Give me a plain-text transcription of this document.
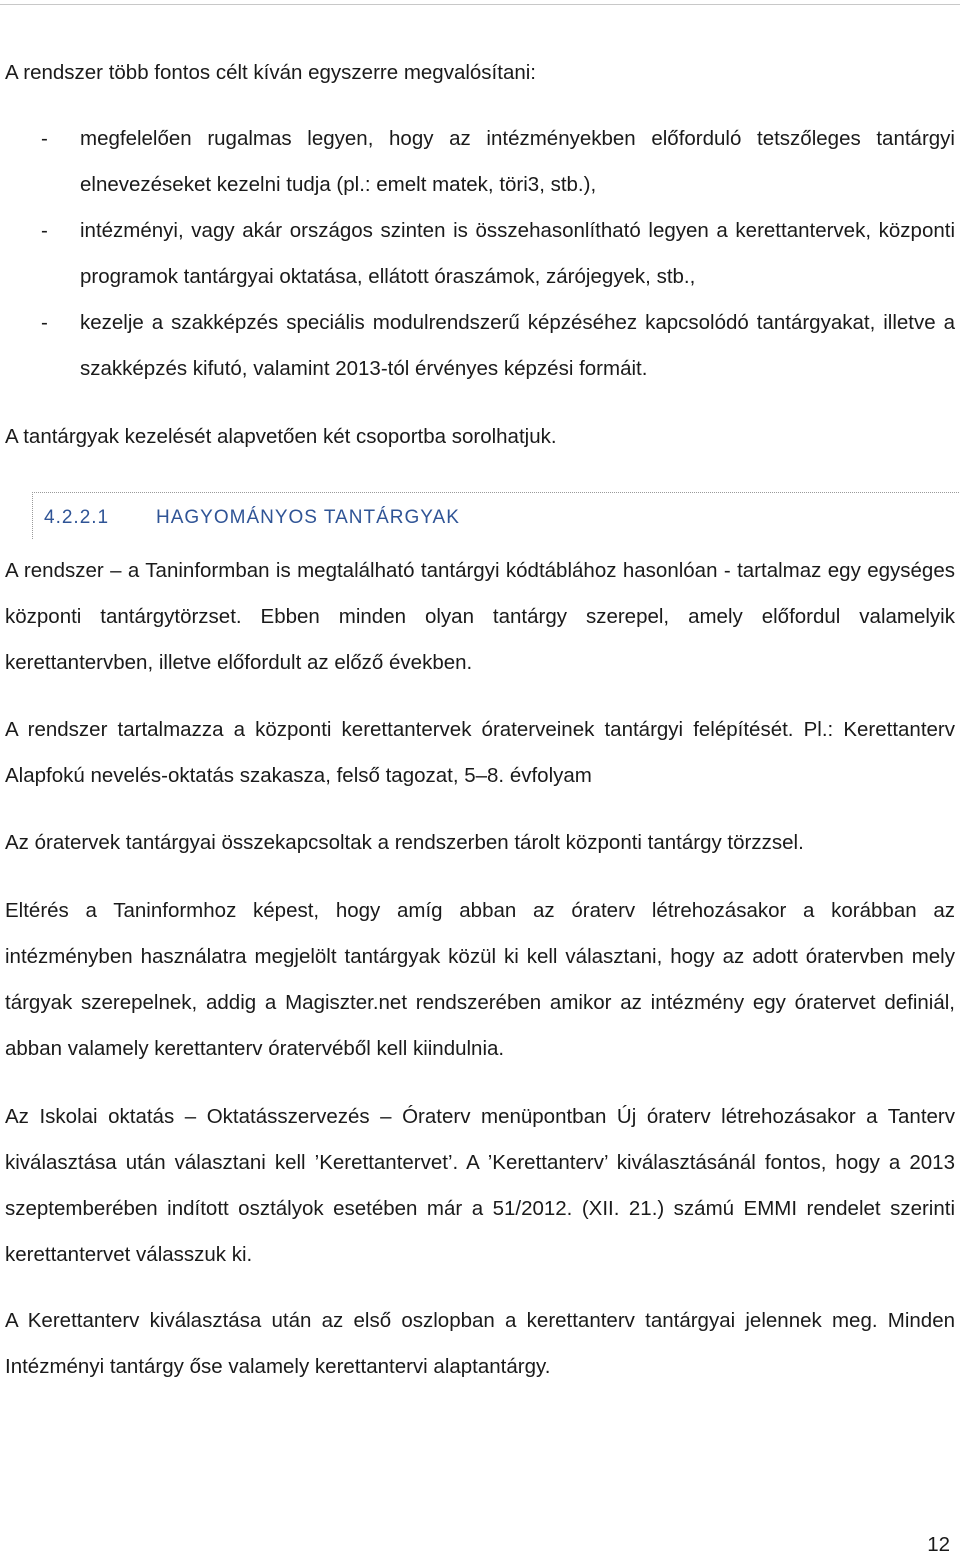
A rendszer több fontos célt kíván egyszerre megvalósítani:

- megfelelően rugalmas legyen, hogy az intézményekben előforduló tetszőleges tantárgyi elnevezéseket kezelni tudja (pl.: emelt matek, töri3, stb.),
- intézményi, vagy akár országos szinten is összehasonlítható legyen a kerettantervek, központi programok tantárgyai oktatása, ellátott óraszámok, zárójegyek, stb.,
- kezelje a szakképzés speciális modulrendszerű képzéséhez kapcsolódó tantárgyakat, illetve a szakképzés kifutó, valamint 2013-tól érvényes képzési formáit.

A tantárgyak kezelését alapvetően két csoportba sorolhatjuk.

4.2.2.1 HAGYOMÁNYOS TANTÁRGYAK

A rendszer – a Taninformban is megtalálható tantárgyi kódtáblához hasonlóan - tartalmaz egy egységes központi tantárgytörzset. Ebben minden olyan tantárgy szerepel, amely előfordul valamelyik kerettantervben, illetve előfordult az előző években.

A rendszer tartalmazza a központi kerettantervek óraterveinek tantárgyi felépítését. Pl.: Kerettanterv Alapfokú nevelés-oktatás szakasza, felső tagozat, 5–8. évfolyam

Az óratervek tantárgyai összekapcsoltak a rendszerben tárolt központi tantárgy törzzsel.

Eltérés a Taninformhoz képest, hogy amíg abban az óraterv létrehozásakor a korábban az intézményben használatra megjelölt tantárgyak közül ki kell választani, hogy az adott óratervben mely tárgyak szerepelnek, addig a Magiszter.net rendszerében amikor az intézmény egy óratervet definiál, abban valamely kerettanterv óratervéből kell kiindulnia.

Az Iskolai oktatás – Oktatásszervezés – Óraterv menüpontban Új óraterv létrehozásakor a Tanterv kiválasztása után választani kell ’Kerettantervet’. A ’Kerettanterv’ kiválasztásánál fontos, hogy a 2013 szeptemberében indított osztályok esetében már a 51/2012. (XII. 21.) számú EMMI rendelet szerinti kerettantervet válasszuk ki.

A Kerettanterv kiválasztása után az első oszlopban a kerettanterv tantárgyai jelennek meg. Minden Intézményi tantárgy őse valamely kerettantervi alaptantárgy.

12
